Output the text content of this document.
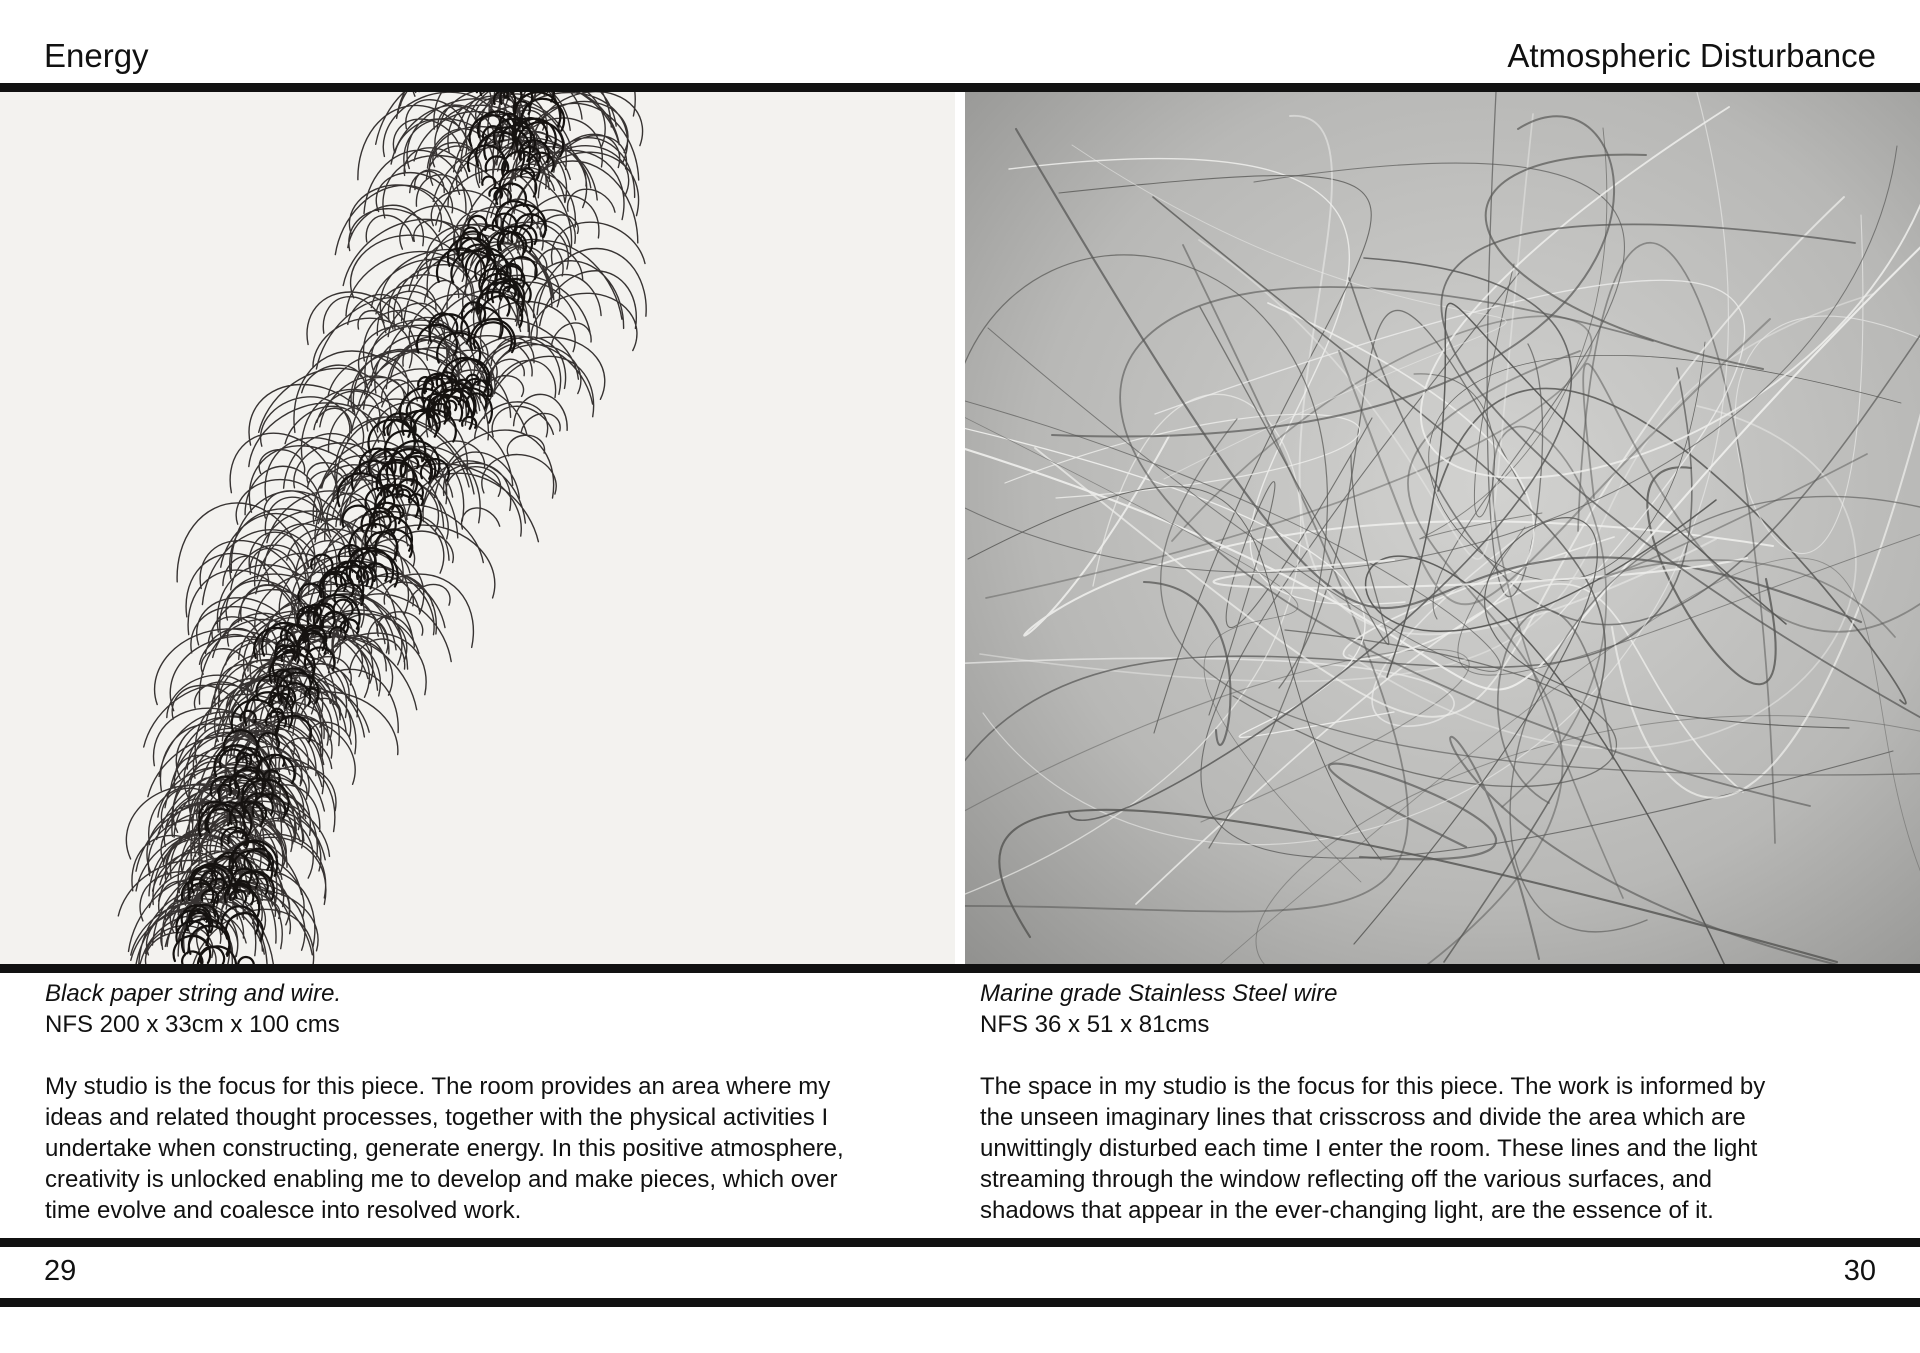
Energy	Atmospheric Disturbance
Black paper string and wire.
NFS 200 x 33cm x 100 cms

My studio is the focus for this piece. The room provides an area where my

ideas and related thought processes, together with the physical activities I

undertake when constructing, generate energy. In this positive atmosphere,

creativity is unlocked enabling me to develop and make pieces, which over

time evolve and coalesce into resolved work.

Marine grade Stainless Steel wire
NFS 36 x 51 x 81cms

The space in my studio is the focus for this piece. The work is informed by

the unseen imaginary lines that crisscross and divide the area which are

unwittingly disturbed each time I enter the room. These lines and the light

streaming through the window reflecting off the various surfaces, and

shadows that appear in the ever-changing light, are the essence of it.

29	30
